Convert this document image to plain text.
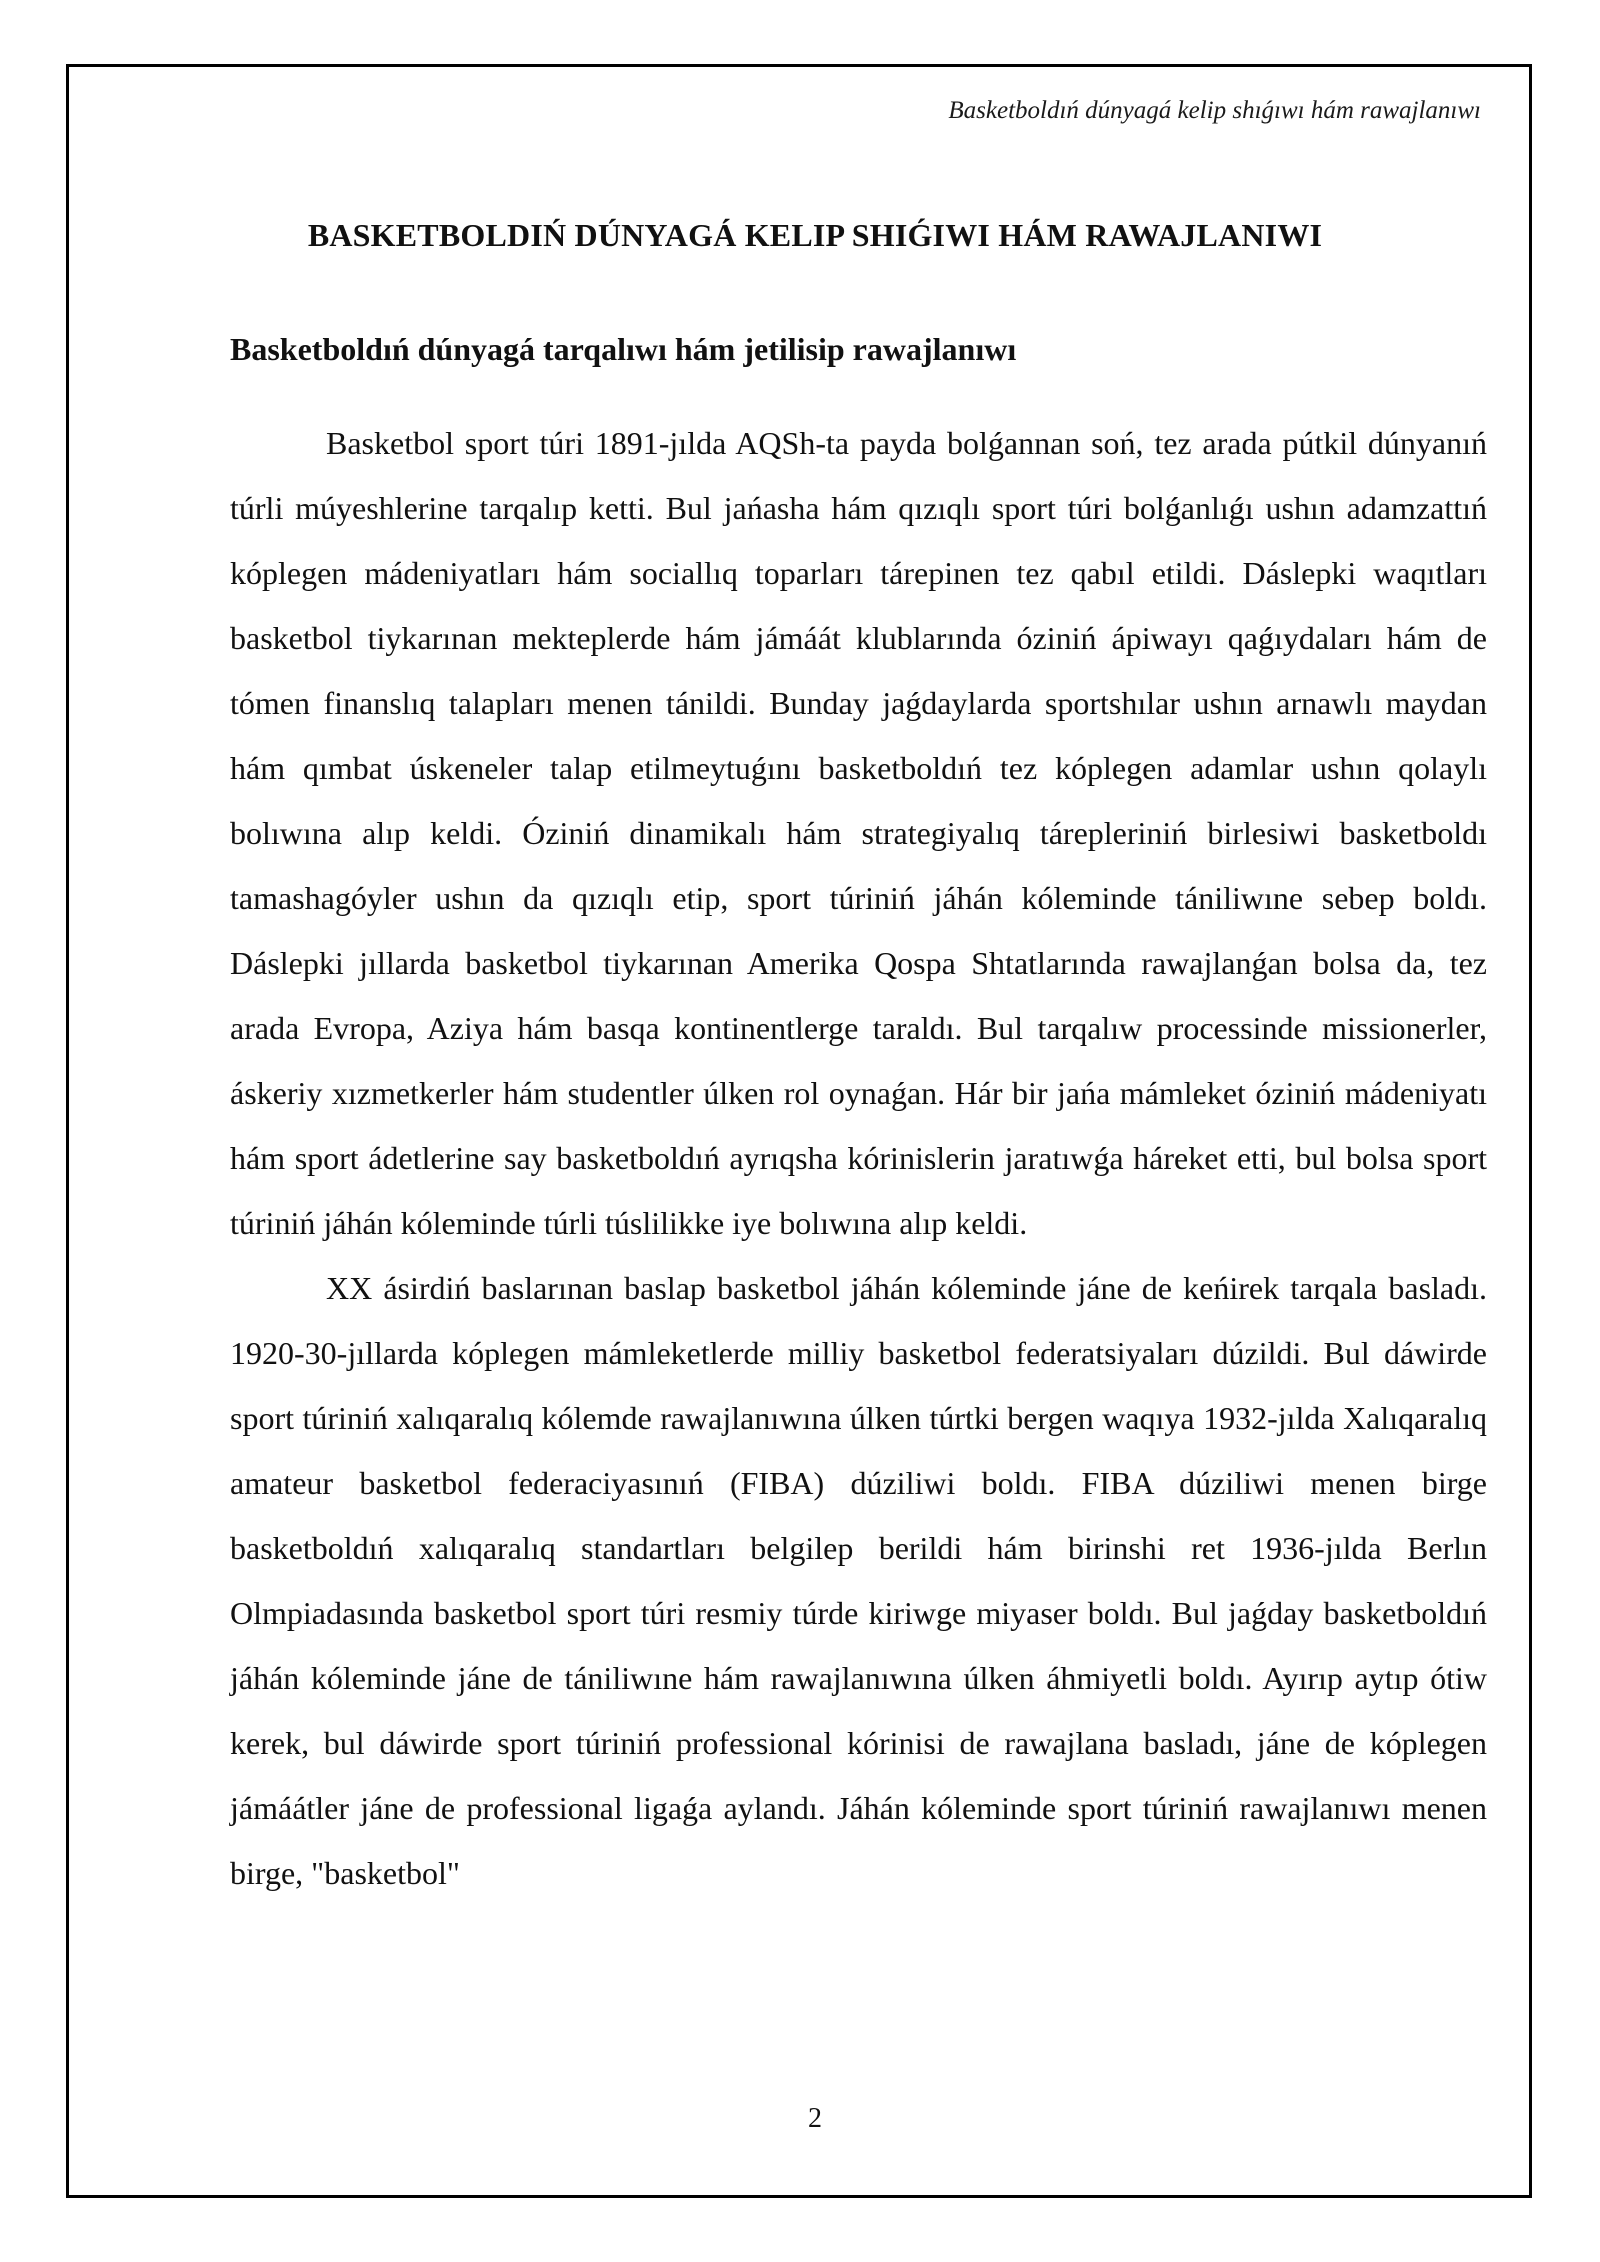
Basketboldıń dúnyagá kelip shıǵıwı hám rawajlanıwı
BASKETBOLDIŃ DÚNYAGÁ KELIP SHIǴIWI HÁM RAWAJLANIWI
Basketboldıń dúnyagá tarqalıwı hám jetilisip rawajlanıwı

Basketbol sport túri 1891-jılda AQSh-ta payda bolǵannan soń, tez arada pútkil dúnyanıń túrli múyeshlerine tarqalıp ketti. Bul jańasha hám qızıqlı sport túri bolǵanlıǵı ushın adamzattıń kóplegen mádeniyatları hám sociallıq toparları tárepinen tez qabıl etildi. Dáslepki waqıtları basketbol tiykarınan mekteplerde hám jámáát klublarında óziniń ápiwayı qaǵıydaları hám de tómen finanslıq talapları menen tánildi. Bunday jaǵdaylarda sportshılar ushın arnawlı maydan hám qımbat úskeneler talap etilmeytuǵını basketboldıń tez kóplegen adamlar ushın qolaylı bolıwına alıp keldi. Óziniń dinamikalı hám strategiyalıq tárepleriniń birlesiwi basketboldı tamashagóyler ushın da qızıqlı etip, sport túriniń jáhán kóleminde tániliwıne sebep boldı. Dáslepki jıllarda basketbol tiykarınan Amerika Qospa Shtatlarında rawajlanǵan bolsa da, tez arada Evropa, Aziya hám basqa kontinentlerge taraldı. Bul tarqalıw processinde missionerler, áskeriy xızmetkerler hám studentler úlken rol oynaǵan. Hár bir jańa mámleket óziniń mádeniyatı hám sport ádetlerine say basketboldıń ayrıqsha kórinislerin jaratıwǵa háreket etti, bul bolsa sport túriniń jáhán kóleminde túrli túslilikke iye bolıwına alıp keldi.

XX ásirdiń baslarınan baslap basketbol jáhán kóleminde jáne de keńirek tarqala basladı. 1920-30-jıllarda kóplegen mámleketlerde milliy basketbol federatsiyaları dúzildi. Bul dáwirde sport túriniń xalıqaralıq kólemde rawajlanıwına úlken túrtki bergen waqıya 1932-jılda Xalıqaralıq amateur basketbol federaciyasınıń (FIBA) dúziliwi boldı. FIBA dúziliwi menen birge basketboldıń xalıqaralıq standartları belgilep berildi hám birinshi ret 1936-jılda Berlın Olmpiadasında basketbol sport túri resmiy túrde kiriwge miyaser boldı. Bul jaǵday basketboldıń jáhán kóleminde jáne de tániliwıne hám rawajlanıwına úlken áhmiyetli boldı. Ayırıp aytıp ótiw kerek, bul dáwirde sport túriniń professional kórinisi de rawajlana basladı, jáne de kóplegen jámáátler jáne de professional ligaǵa aylandı. Jáhán kóleminde sport túriniń rawajlanıwı menen birge, "basketbol"

2
